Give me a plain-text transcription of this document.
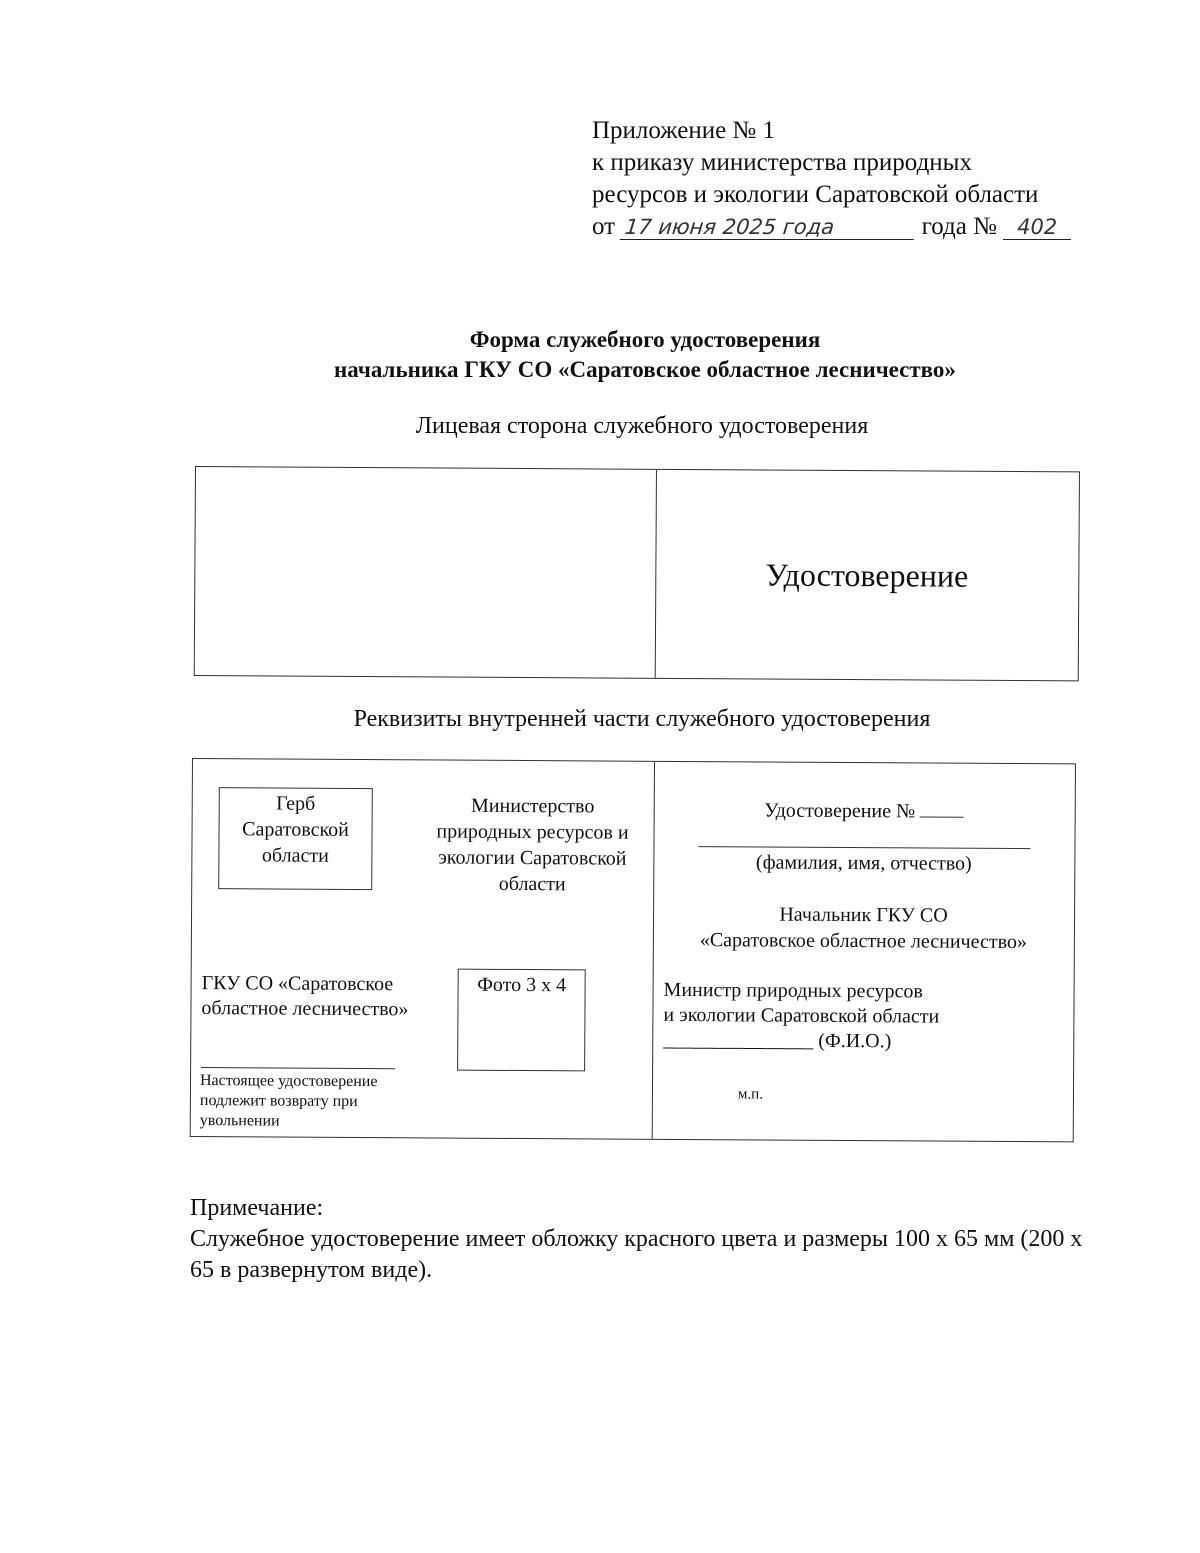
Приложение № 1
к приказу министерства природных
ресурсов и экологии Саратовской области
от 17 июня 2025 года	года № 402
Форма служебного удостоверения
начальника ГКУ СО «Саратовское областное лесничество»
Лицевая сторона служебного удостоверения
Удостоверение
Реквизиты внутренней части служебного удостоверения
Герб
Саратовской
области
Министерство
природных ресурсов и
экологии Саратовской
области
ГКУ СО «Саратовское
областное лесничество»
Фото 3 х 4
Настоящее удостоверение
подлежит возврату при
увольнении
Удостоверение №
(фамилия, имя, отчество)
Начальник ГКУ СО
«Саратовское областное лесничество»
Министр природных ресурсов
и экологии Саратовской области
_______________ (Ф.И.О.)
м.п.
Примечание:
Служебное удостоверение имеет обложку красного цвета и размеры 100 х 65 мм (200 х 65 в развернутом виде).
